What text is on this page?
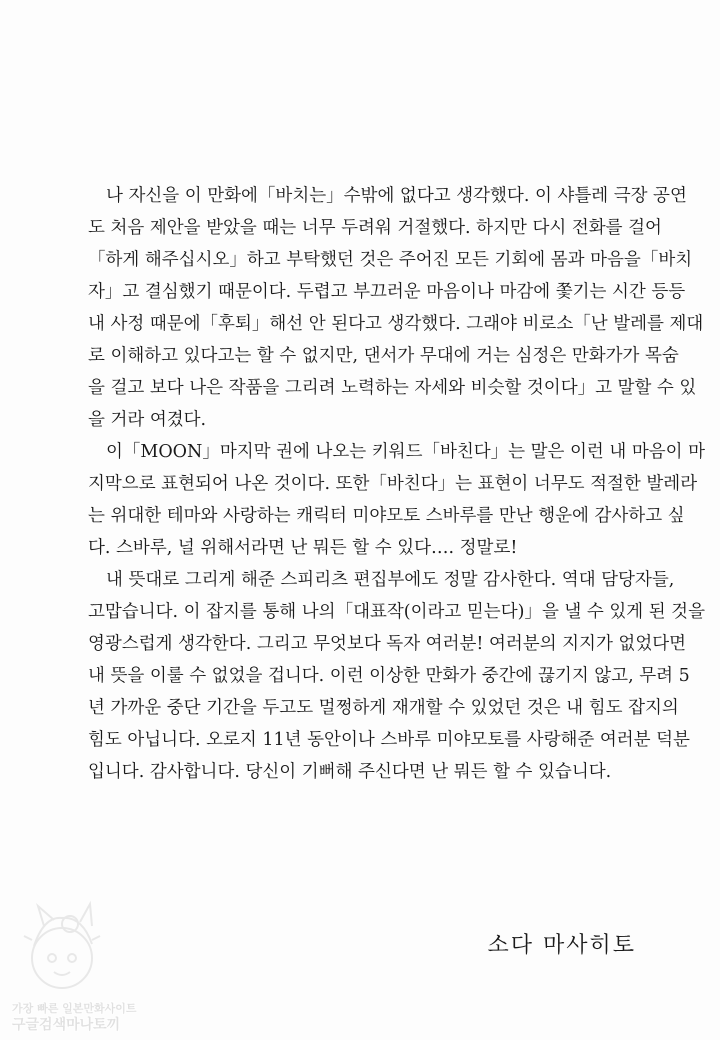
나 자신을 이 만화에「바치는」수밖에 없다고 생각했다. 이 샤틀레 극장 공연
도 처음 제안을 받았을 때는 너무 두려워 거절했다. 하지만 다시 전화를 걸어
「하게 해주십시오」하고 부탁했던 것은 주어진 모든 기회에 몸과 마음을「바치
자」고 결심했기 때문이다. 두렵고 부끄러운 마음이나 마감에 쫓기는 시간 등등
내 사정 때문에「후퇴」해선 안 된다고 생각했다. 그래야 비로소「난 발레를 제대
로 이해하고 있다고는 할 수 없지만, 댄서가 무대에 거는 심정은 만화가가 목숨
을 걸고 보다 나은 작품을 그리려 노력하는 자세와 비슷할 것이다」고 말할 수 있
을 거라 여겼다.
이「MOON」마지막 권에 나오는 키워드「바친다」는 말은 이런 내 마음이 마
지막으로 표현되어 나온 것이다. 또한「바친다」는 표현이 너무도 적절한 발레라
는 위대한 테마와 사랑하는 캐릭터 미야모토 스바루를 만난 행운에 감사하고 싶
다. 스바루, 널 위해서라면 난 뭐든 할 수 있다…. 정말로!
내 뜻대로 그리게 해준 스피리츠 편집부에도 정말 감사한다. 역대 담당자들,
고맙습니다. 이 잡지를 통해 나의「대표작(이라고 믿는다)」을 낼 수 있게 된 것을
영광스럽게 생각한다. 그리고 무엇보다 독자 여러분! 여러분의 지지가 없었다면
내 뜻을 이룰 수 없었을 겁니다. 이런 이상한 만화가 중간에 끊기지 않고, 무려 5
년 가까운 중단 기간을 두고도 멀쩡하게 재개할 수 있었던 것은 내 힘도 잡지의
힘도 아닙니다. 오로지 11년 동안이나 스바루 미야모토를 사랑해준 여러분 덕분
입니다. 감사합니다. 당신이 기뻐해 주신다면 난 뭐든 할 수 있습니다.
소다 마사히토
가장 빠른 일본만화사이트
구글검색마나토끼
